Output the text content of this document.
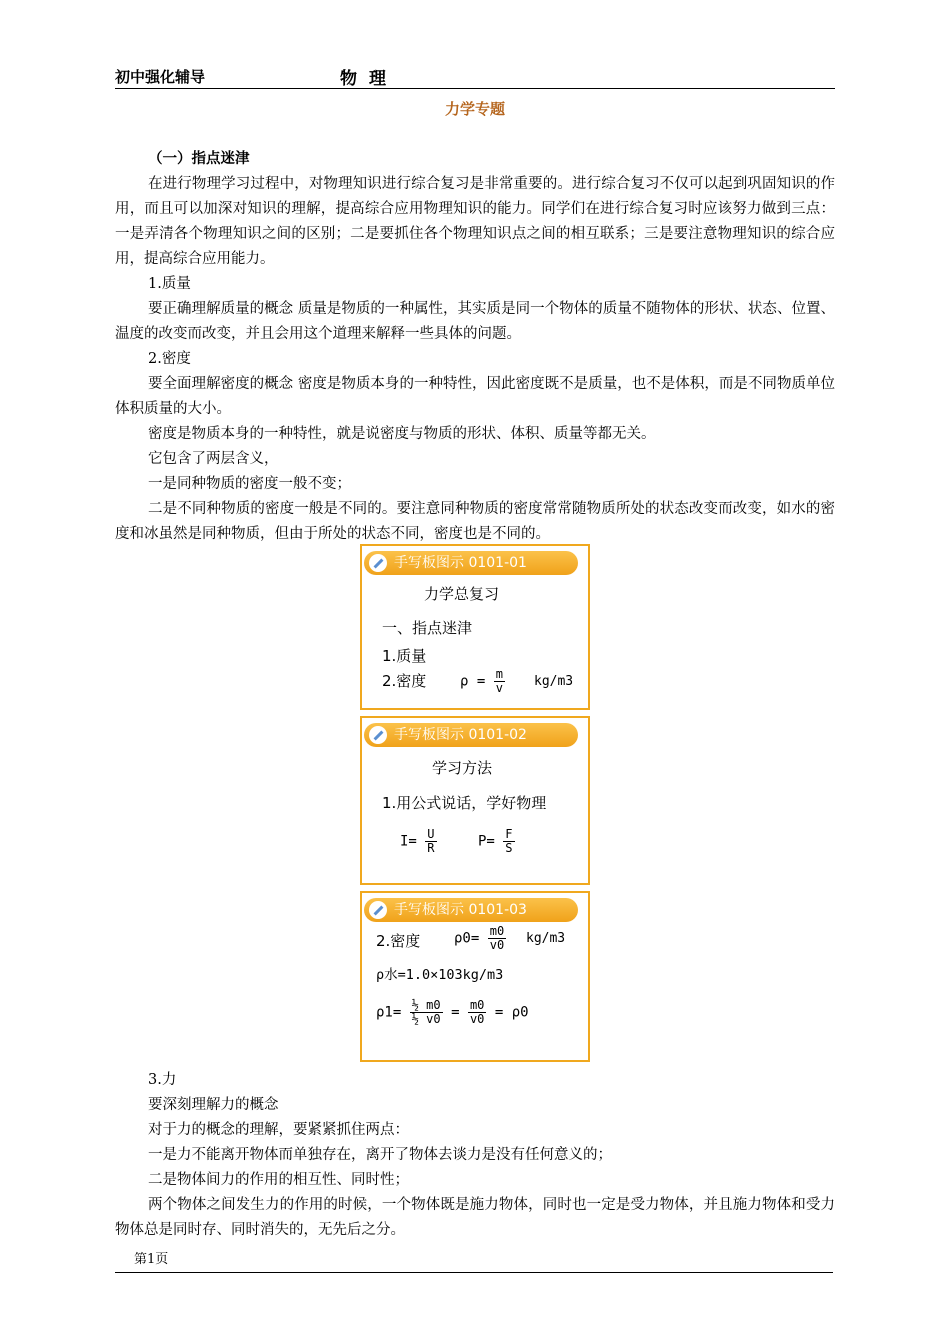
初中强化辅导	物理
力学专题

（一）指点迷津

在进行物理学习过程中，对物理知识进行综合复习是非常重要的。进行综合复习不仅可以起到巩固知识的作用，而且可以加深对知识的理解，提高综合应用物理知识的能力。同学们在进行综合复习时应该努力做到三点：一是弄清各个物理知识之间的区别；二是要抓住各个物理知识点之间的相互联系；三是要注意物理知识的综合应用，提高综合应用能力。

1.质量

要正确理解质量的概念 质量是物质的一种属性，其实质是同一个物体的质量不随物体的形状、状态、位置、温度的改变而改变，并且会用这个道理来解释一些具体的问题。

2.密度

要全面理解密度的概念 密度是物质本身的一种特性，因此密度既不是质量，也不是体积，而是不同物质单位体积质量的大小。

密度是物质本身的一种特性，就是说密度与物质的形状、体积、质量等都无关。

它包含了两层含义，

一是同种物质的密度一般不变；

二是不同种物质的密度一般是不同的。要注意同种物质的密度常常随物质所处的状态改变而改变，如水的密度和冰虽然是同种物质，但由于所处的状态不同，密度也是不同的。

手写板图示 0101-01
力学总复习
一、指点迷津
1.质量
2.密度 $\rho = \frac{m}{v} kg/m3$
手写板图示 0101-02
学习方法
1.用公式说话，学好物理
$I= \frac{U}{R}$	$P= \frac{F}{S}$
手写板图示 0101-03
2.密度 $\rho 0= \frac{m0}{v0} kg/m3$
ρ水=1.0×103kg/m3
$\rho 1= \frac{\text{½ m0}}{\text{½ v0}} = \frac{m0}{v0} = \rho 0$

3.力

要深刻理解力的概念

对于力的概念的理解，要紧紧抓住两点：

一是力不能离开物体而单独存在，离开了物体去谈力是没有任何意义的；

二是物体间力的作用的相互性、同时性；

两个物体之间发生力的作用的时候，一个物体既是施力物体，同时也一定是受力物体，并且施力物体和受力物体总是同时存、同时消失的，无先后之分。

第1页
